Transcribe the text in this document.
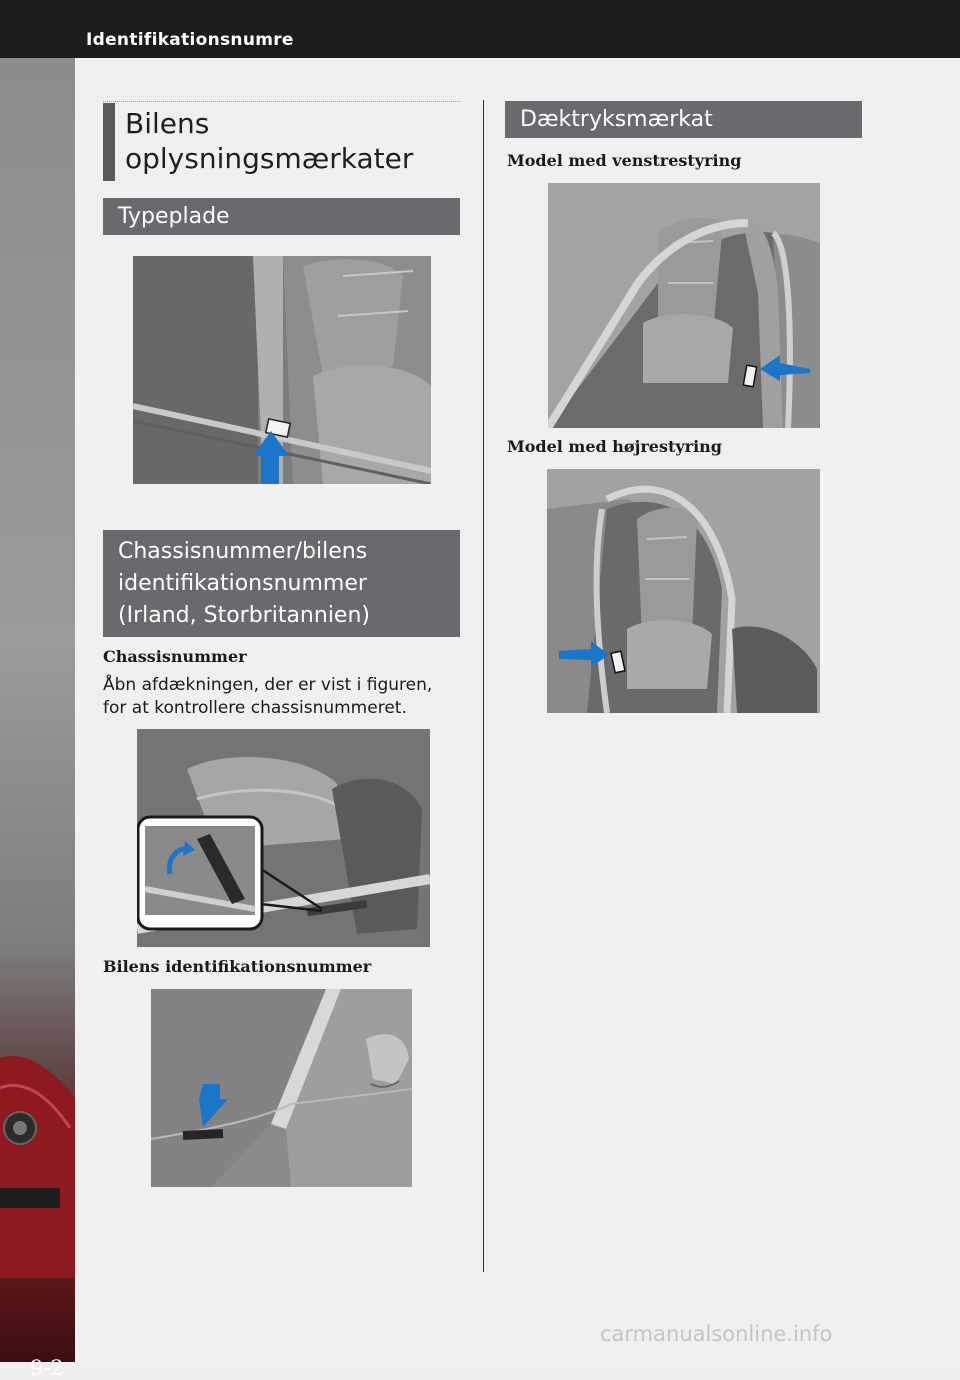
Identifikationsnumre
9-2
Bilens
oplysningsmærkater
Typeplade
Chassisnummer/bilens
identifikationsnummer
(Irland, Storbritannien)
Chassisnummer
Åbn afdækningen, der er vist i figuren,
for at kontrollere chassisnummeret.
Bilens identifikationsnummer
Dæktryksmærkat
Model med venstrestyring
Model med højrestyring
carmanualsonline.info
